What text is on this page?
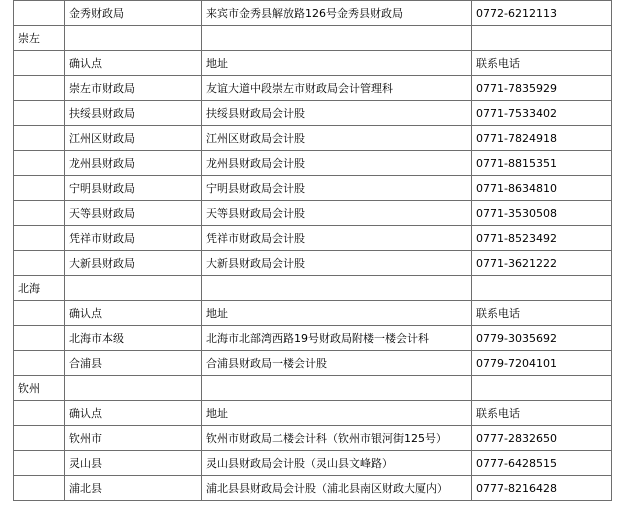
	金秀财政局	来宾市金秀县解放路126号金秀县财政局	0772-6212113
崇左			
	确认点	地址	联系电话
	崇左市财政局	友谊大道中段崇左市财政局会计管理科	0771-7835929
	扶绥县财政局	扶绥县财政局会计股	0771-7533402
	江州区财政局	江州区财政局会计股	0771-7824918
	龙州县财政局	龙州县财政局会计股	0771-8815351
	宁明县财政局	宁明县财政局会计股	0771-8634810
	天等县财政局	天等县财政局会计股	0771-3530508
	凭祥市财政局	凭祥市财政局会计股	0771-8523492
	大新县财政局	大新县财政局会计股	0771-3621222
北海			
	确认点	地址	联系电话
	北海市本级	北海市北部湾西路19号财政局附楼一楼会计科	0779-3035692
	合浦县	合浦县财政局一楼会计股	0779-7204101
钦州			
	确认点	地址	联系电话
	钦州市	钦州市财政局二楼会计科（钦州市银河街125号）	0777-2832650
	灵山县	灵山县财政局会计股（灵山县文峰路）	0777-6428515
	浦北县	浦北县县财政局会计股（浦北县南区财政大厦内）	0777-8216428
